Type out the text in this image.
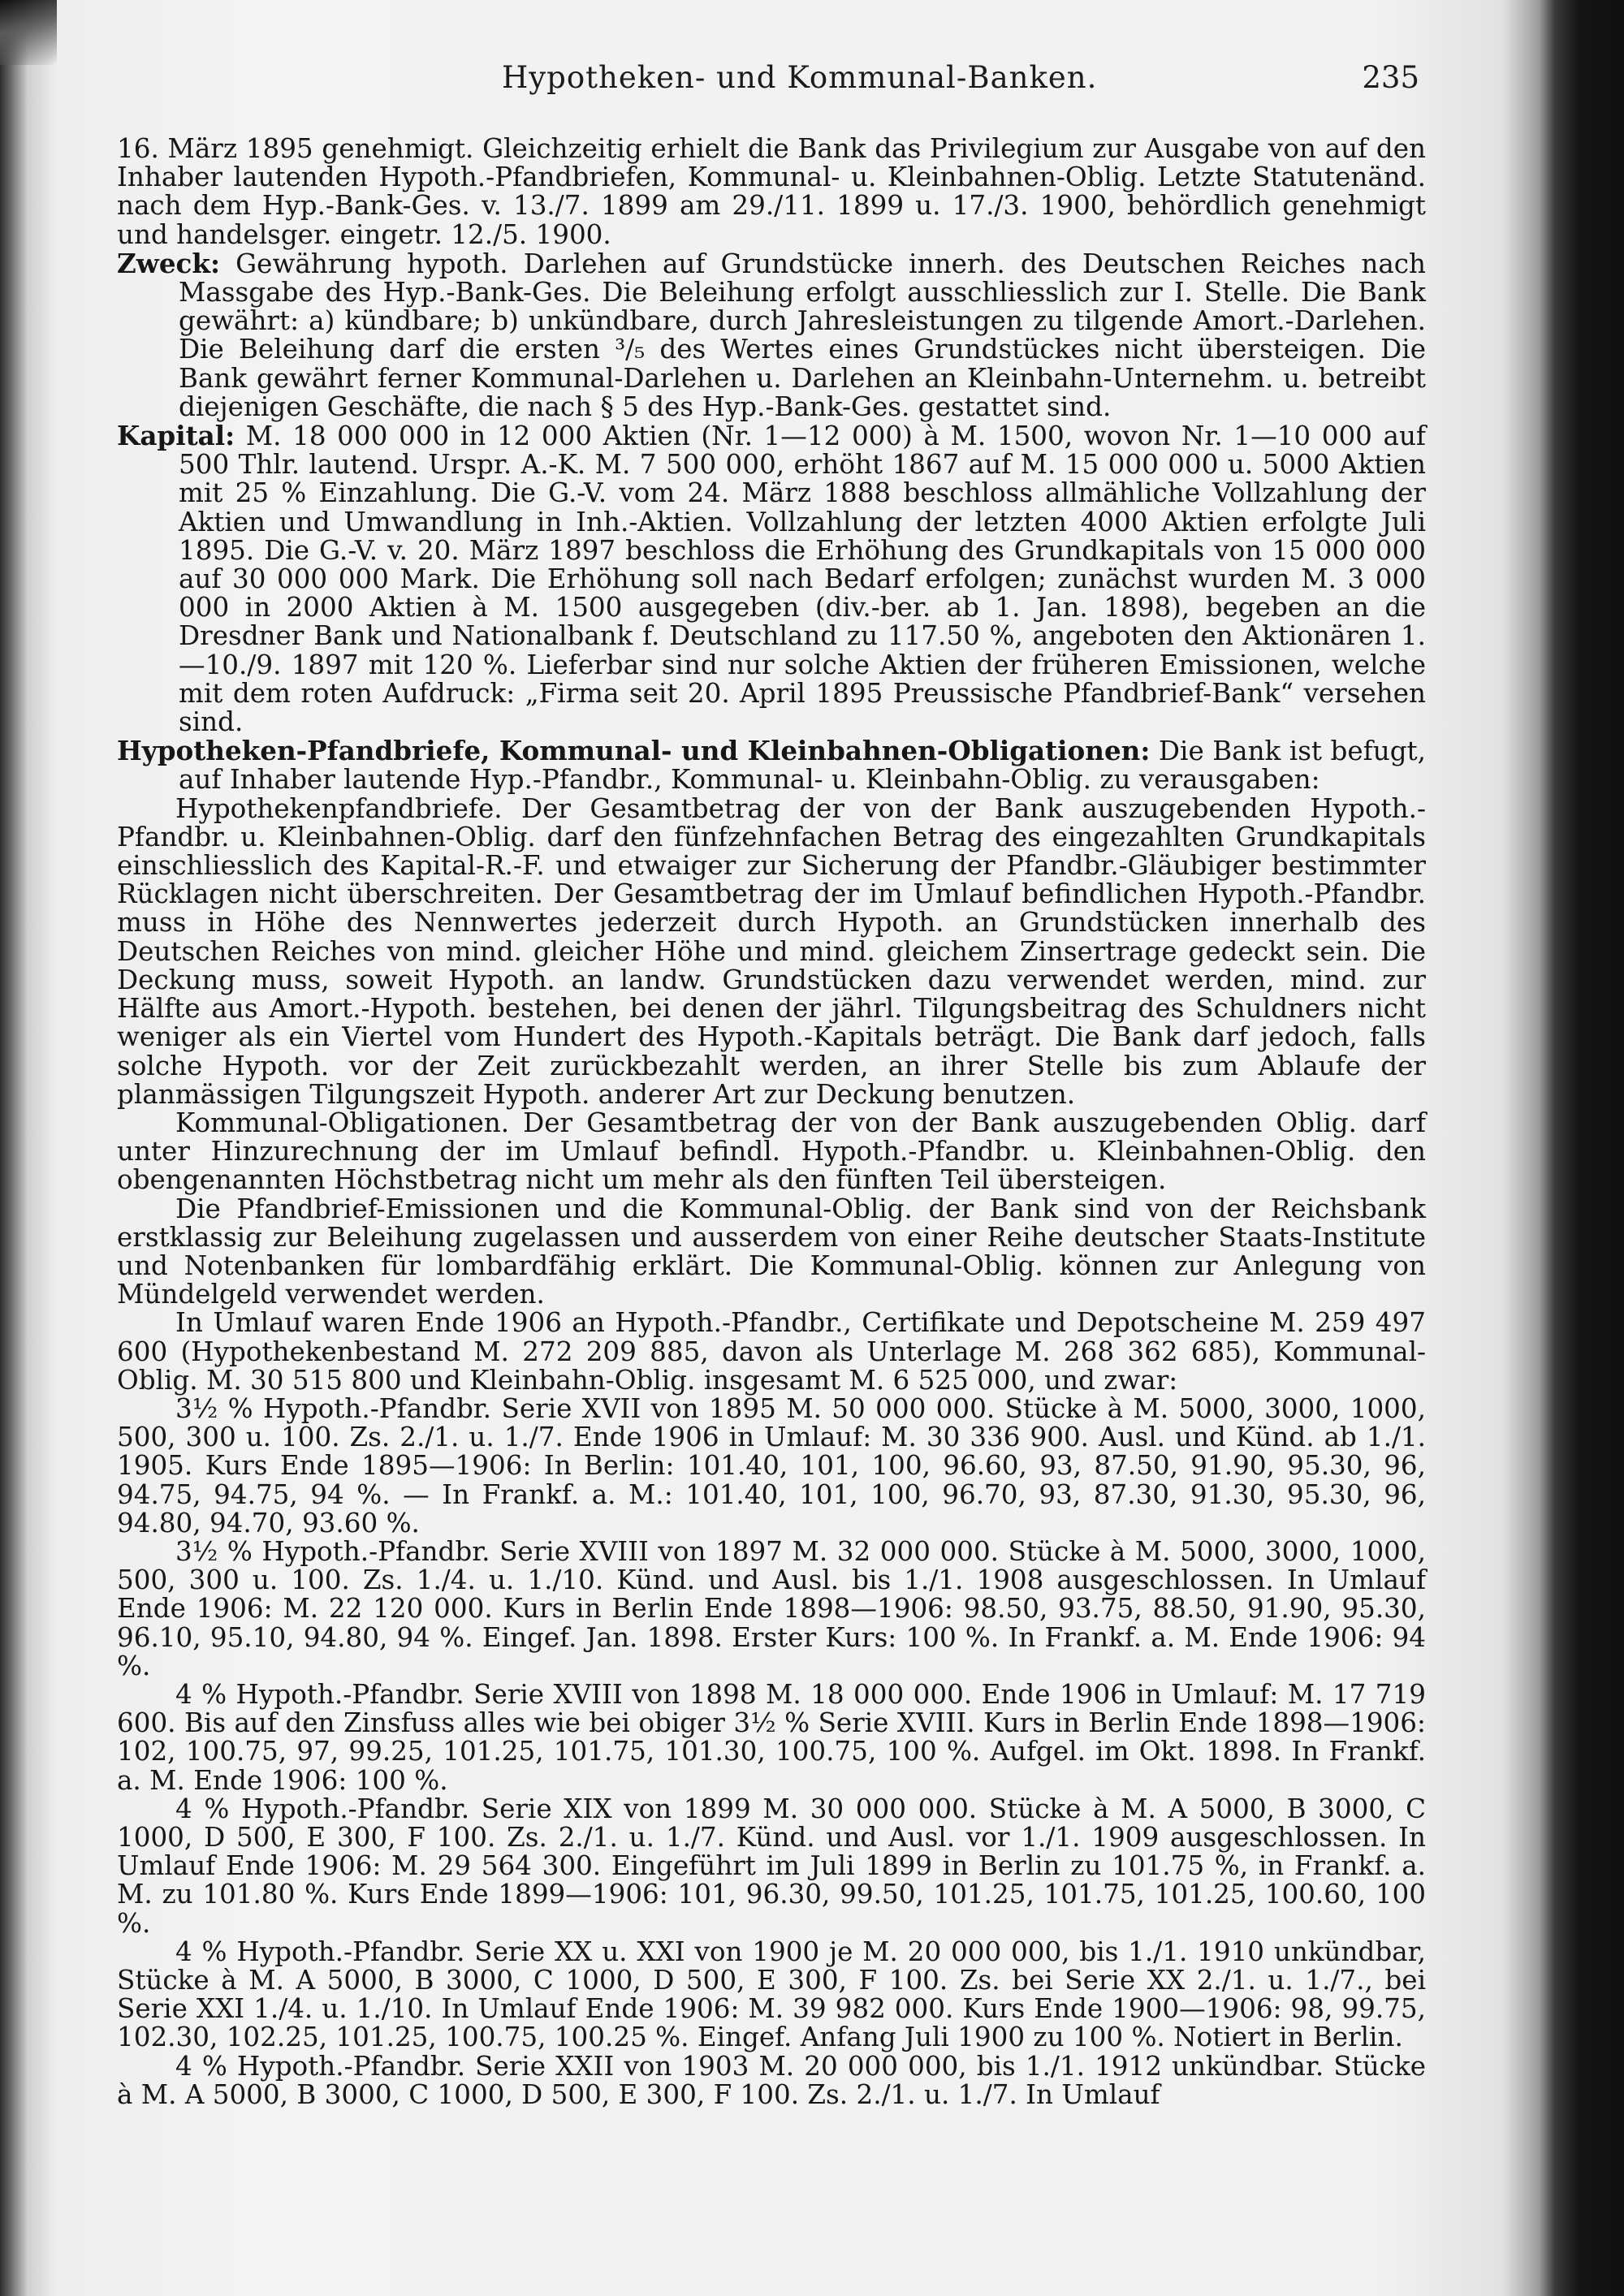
Hypotheken- und Kommunal-Banken.	235

16. März 1895 genehmigt. Gleichzeitig erhielt die Bank das Privilegium zur Ausgabe von auf den Inhaber lautenden Hypoth.-Pfandbriefen, Kommunal- u. Kleinbahnen-Oblig. Letzte Statutenänd. nach dem Hyp.-Bank-Ges. v. 13./7. 1899 am 29./11. 1899 u. 17./3. 1900, behördlich genehmigt und handelsger. eingetr. 12./5. 1900.

Zweck: Gewährung hypoth. Darlehen auf Grundstücke innerh. des Deutschen Reiches nach Massgabe des Hyp.-Bank-Ges. Die Beleihung erfolgt ausschliesslich zur I. Stelle. Die Bank gewährt: a) kündbare; b) unkündbare, durch Jahresleistungen zu tilgende Amort.-Darlehen. Die Beleihung darf die ersten ³/₅ des Wertes eines Grundstückes nicht übersteigen. Die Bank gewährt ferner Kommunal-Darlehen u. Darlehen an Kleinbahn-Unternehm. u. betreibt diejenigen Geschäfte, die nach § 5 des Hyp.-Bank-Ges. gestattet sind.

Kapital: M. 18 000 000 in 12 000 Aktien (Nr. 1—12 000) à M. 1500, wovon Nr. 1—10 000 auf 500 Thlr. lautend. Urspr. A.-K. M. 7 500 000, erhöht 1867 auf M. 15 000 000 u. 5000 Aktien mit 25 % Einzahlung. Die G.-V. vom 24. März 1888 beschloss allmähliche Vollzahlung der Aktien und Umwandlung in Inh.-Aktien. Vollzahlung der letzten 4000 Aktien erfolgte Juli 1895. Die G.-V. v. 20. März 1897 beschloss die Erhöhung des Grundkapitals von 15 000 000 auf 30 000 000 Mark. Die Erhöhung soll nach Bedarf erfolgen; zunächst wurden M. 3 000 000 in 2000 Aktien à M. 1500 ausgegeben (div.-ber. ab 1. Jan. 1898), begeben an die Dresdner Bank und Nationalbank f. Deutschland zu 117.50 %, angeboten den Aktionären 1.—10./9. 1897 mit 120 %. Lieferbar sind nur solche Aktien der früheren Emissionen, welche mit dem roten Aufdruck: „Firma seit 20. April 1895 Preussische Pfandbrief-Bank“ versehen sind.

Hypotheken-Pfandbriefe, Kommunal- und Kleinbahnen-Obligationen: Die Bank ist befugt, auf Inhaber lautende Hyp.-Pfandbr., Kommunal- u. Kleinbahn-Oblig. zu verausgaben:

Hypothekenpfandbriefe. Der Gesamtbetrag der von der Bank auszugebenden Hypoth.-Pfandbr. u. Kleinbahnen-Oblig. darf den fünfzehnfachen Betrag des eingezahlten Grundkapitals einschliesslich des Kapital-R.-F. und etwaiger zur Sicherung der Pfandbr.-Gläubiger bestimmter Rücklagen nicht überschreiten. Der Gesamtbetrag der im Umlauf befindlichen Hypoth.-Pfandbr. muss in Höhe des Nennwertes jederzeit durch Hypoth. an Grundstücken innerhalb des Deutschen Reiches von mind. gleicher Höhe und mind. gleichem Zinsertrage gedeckt sein. Die Deckung muss, soweit Hypoth. an landw. Grundstücken dazu verwendet werden, mind. zur Hälfte aus Amort.-Hypoth. bestehen, bei denen der jährl. Tilgungsbeitrag des Schuldners nicht weniger als ein Viertel vom Hundert des Hypoth.-Kapitals beträgt. Die Bank darf jedoch, falls solche Hypoth. vor der Zeit zurückbezahlt werden, an ihrer Stelle bis zum Ablaufe der planmässigen Tilgungszeit Hypoth. anderer Art zur Deckung benutzen.

Kommunal-Obligationen. Der Gesamtbetrag der von der Bank auszugebenden Oblig. darf unter Hinzurechnung der im Umlauf befindl. Hypoth.-Pfandbr. u. Kleinbahnen-Oblig. den obengenannten Höchstbetrag nicht um mehr als den fünften Teil übersteigen.

Die Pfandbrief-Emissionen und die Kommunal-Oblig. der Bank sind von der Reichsbank erstklassig zur Beleihung zugelassen und ausserdem von einer Reihe deutscher Staats-Institute und Notenbanken für lombardfähig erklärt. Die Kommunal-Oblig. können zur Anlegung von Mündelgeld verwendet werden.

In Umlauf waren Ende 1906 an Hypoth.-Pfandbr., Certifikate und Depotscheine M. 259 497 600 (Hypothekenbestand M. 272 209 885, davon als Unterlage M. 268 362 685), Kommunal-Oblig. M. 30 515 800 und Kleinbahn-Oblig. insgesamt M. 6 525 000, und zwar:

3½ % Hypoth.-Pfandbr. Serie XVII von 1895 M. 50 000 000. Stücke à M. 5000, 3000, 1000, 500, 300 u. 100. Zs. 2./1. u. 1./7. Ende 1906 in Umlauf: M. 30 336 900. Ausl. und Künd. ab 1./1. 1905. Kurs Ende 1895—1906: In Berlin: 101.40, 101, 100, 96.60, 93, 87.50, 91.90, 95.30, 96, 94.75, 94.75, 94 %. — In Frankf. a. M.: 101.40, 101, 100, 96.70, 93, 87.30, 91.30, 95.30, 96, 94.80, 94.70, 93.60 %.

3½ % Hypoth.-Pfandbr. Serie XVIII von 1897 M. 32 000 000. Stücke à M. 5000, 3000, 1000, 500, 300 u. 100. Zs. 1./4. u. 1./10. Künd. und Ausl. bis 1./1. 1908 ausgeschlossen. In Umlauf Ende 1906: M. 22 120 000. Kurs in Berlin Ende 1898—1906: 98.50, 93.75, 88.50, 91.90, 95.30, 96.10, 95.10, 94.80, 94 %. Eingef. Jan. 1898. Erster Kurs: 100 %. In Frankf. a. M. Ende 1906: 94 %.

4 % Hypoth.-Pfandbr. Serie XVIII von 1898 M. 18 000 000. Ende 1906 in Umlauf: M. 17 719 600. Bis auf den Zinsfuss alles wie bei obiger 3½ % Serie XVIII. Kurs in Berlin Ende 1898—1906: 102, 100.75, 97, 99.25, 101.25, 101.75, 101.30, 100.75, 100 %. Aufgel. im Okt. 1898. In Frankf. a. M. Ende 1906: 100 %.

4 % Hypoth.-Pfandbr. Serie XIX von 1899 M. 30 000 000. Stücke à M. A 5000, B 3000, C 1000, D 500, E 300, F 100. Zs. 2./1. u. 1./7. Künd. und Ausl. vor 1./1. 1909 ausgeschlossen. In Umlauf Ende 1906: M. 29 564 300. Eingeführt im Juli 1899 in Berlin zu 101.75 %, in Frankf. a. M. zu 101.80 %. Kurs Ende 1899—1906: 101, 96.30, 99.50, 101.25, 101.75, 101.25, 100.60, 100 %.

4 % Hypoth.-Pfandbr. Serie XX u. XXI von 1900 je M. 20 000 000, bis 1./1. 1910 unkündbar, Stücke à M. A 5000, B 3000, C 1000, D 500, E 300, F 100. Zs. bei Serie XX 2./1. u. 1./7., bei Serie XXI 1./4. u. 1./10. In Umlauf Ende 1906: M. 39 982 000. Kurs Ende 1900—1906: 98, 99.75, 102.30, 102.25, 101.25, 100.75, 100.25 %. Eingef. Anfang Juli 1900 zu 100 %. Notiert in Berlin.

4 % Hypoth.-Pfandbr. Serie XXII von 1903 M. 20 000 000, bis 1./1. 1912 unkündbar. Stücke à M. A 5000, B 3000, C 1000, D 500, E 300, F 100. Zs. 2./1. u. 1./7. In Umlauf
